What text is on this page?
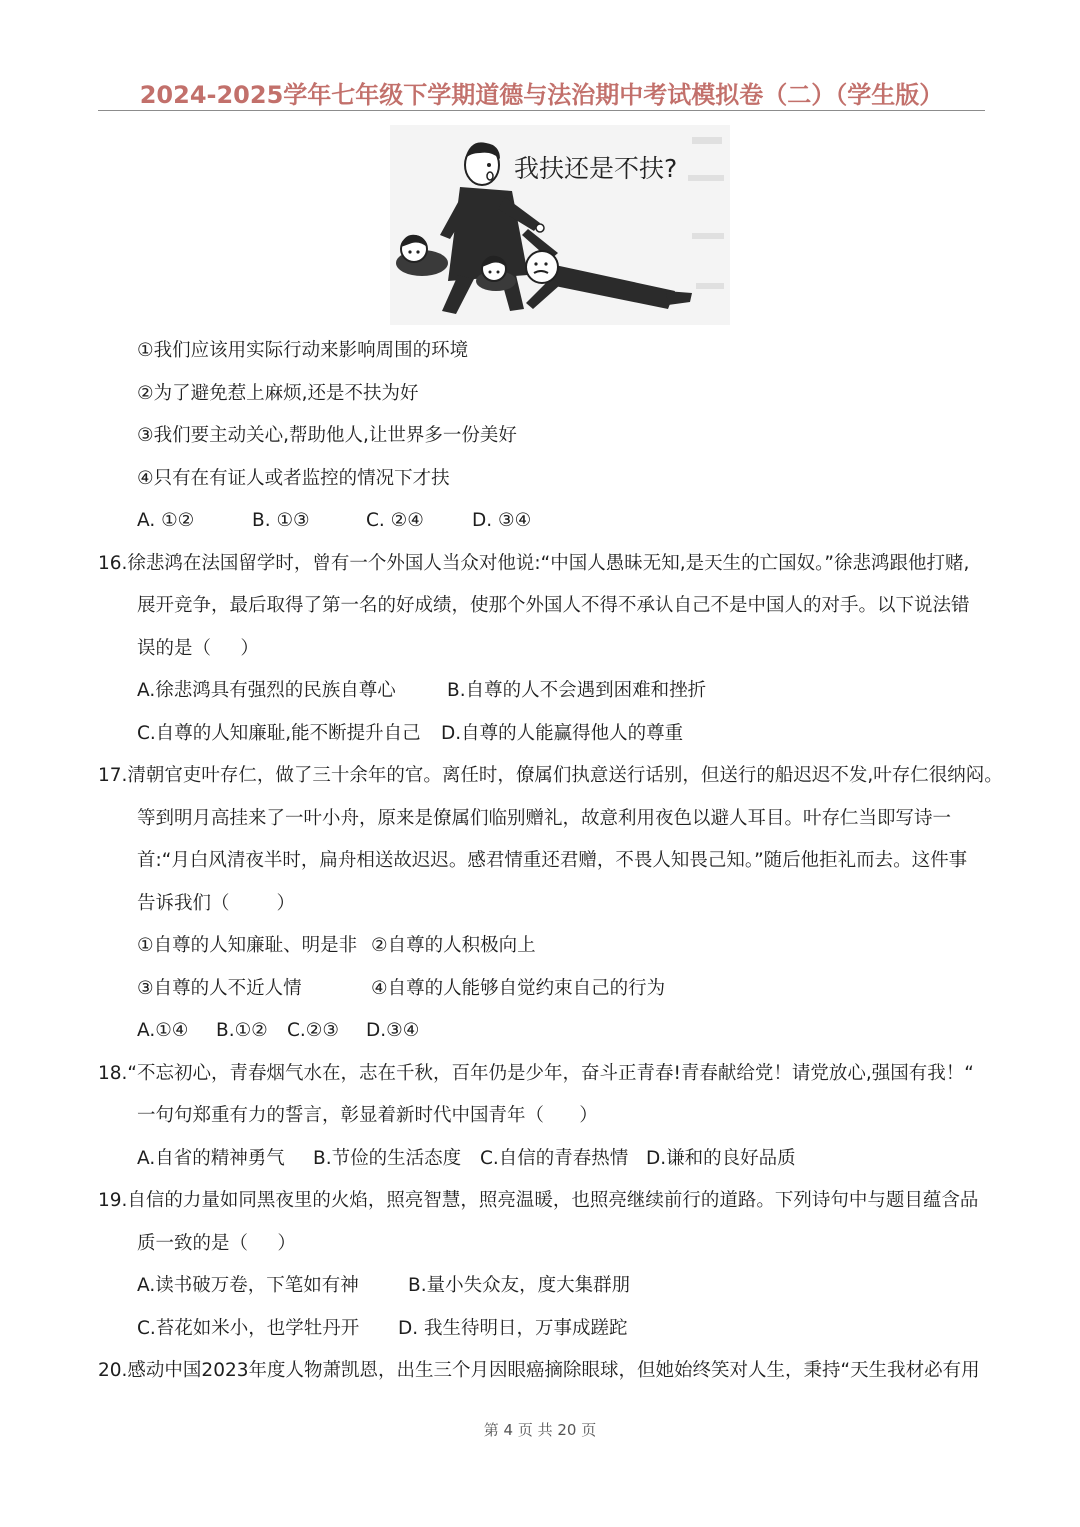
2024-2025学年七年级下学期道德与法治期中考试模拟卷（二）（学生版）
我扶还是不扶?
①我们应该用实际行动来影响周围的环境
②为了避免惹上麻烦,还是不扶为好
③我们要主动关心,帮助他人,让世界多一份美好
④只有在有证人或者监控的情况下才扶

A. ①②

	B. ①③

	C. ②④

	D. ③④

16.徐悲鸿在法国留学时，曾有一个外国人当众对他说:“中国人愚昧无知,是天生的亡国奴。”徐悲鸿跟他打赌,
展开竞争，最后取得了第一名的好成绩，使那个外国人不得不承认自己不是中国人的对手。以下说法错
误的是（     ）

A.徐悲鸿具有强烈的民族自尊心

	B.自尊的人不会遇到困难和挫折

C.自尊的人知廉耻,能不断提升自己

D.自尊的人能赢得他人的尊重

17.清朝官吏叶存仁，做了三十余年的官。离任时，僚属们执意送行话别，但送行的船迟迟不发,叶存仁很纳闷。
等到明月高挂来了一叶小舟，原来是僚属们临别赠礼，故意利用夜色以避人耳目。叶存仁当即写诗一
首:“月白风清夜半时，扁舟相送故迟迟。感君情重还君赠，不畏人知畏己知。”随后他拒礼而去。这件事
告诉我们（        ）

①自尊的人知廉耻、明是非

②自尊的人积极向上

③自尊的人不近人情

	④自尊的人能够自觉约束自己的行为

A.①④

B.①②

C.②③

D.③④

18.“不忘初心，青春烟气水在，志在千秋，百年仍是少年，奋斗正青春!青春献给党！请党放心,强国有我！“
一句句郑重有力的誓言，彰显着新时代中国青年（      ）

A.自省的精神勇气

B.节俭的生活态度

C.自信的青春热情

D.谦和的良好品质

19.自信的力量如同黑夜里的火焰，照亮智慧，照亮温暖，也照亮继续前行的道路。下列诗句中与题目蕴含品
质一致的是（     ）

A.读书破万卷，下笔如有神

	B.量小失众友，度大集群朋

C.苔花如米小，也学牡丹开

D. 我生待明日，万事成蹉跎

20.感动中国2023年度人物萧凯恩，出生三个月因眼癌摘除眼球，但她始终笑对人生，秉持“天生我材必有用
第 4 页 共 20 页
